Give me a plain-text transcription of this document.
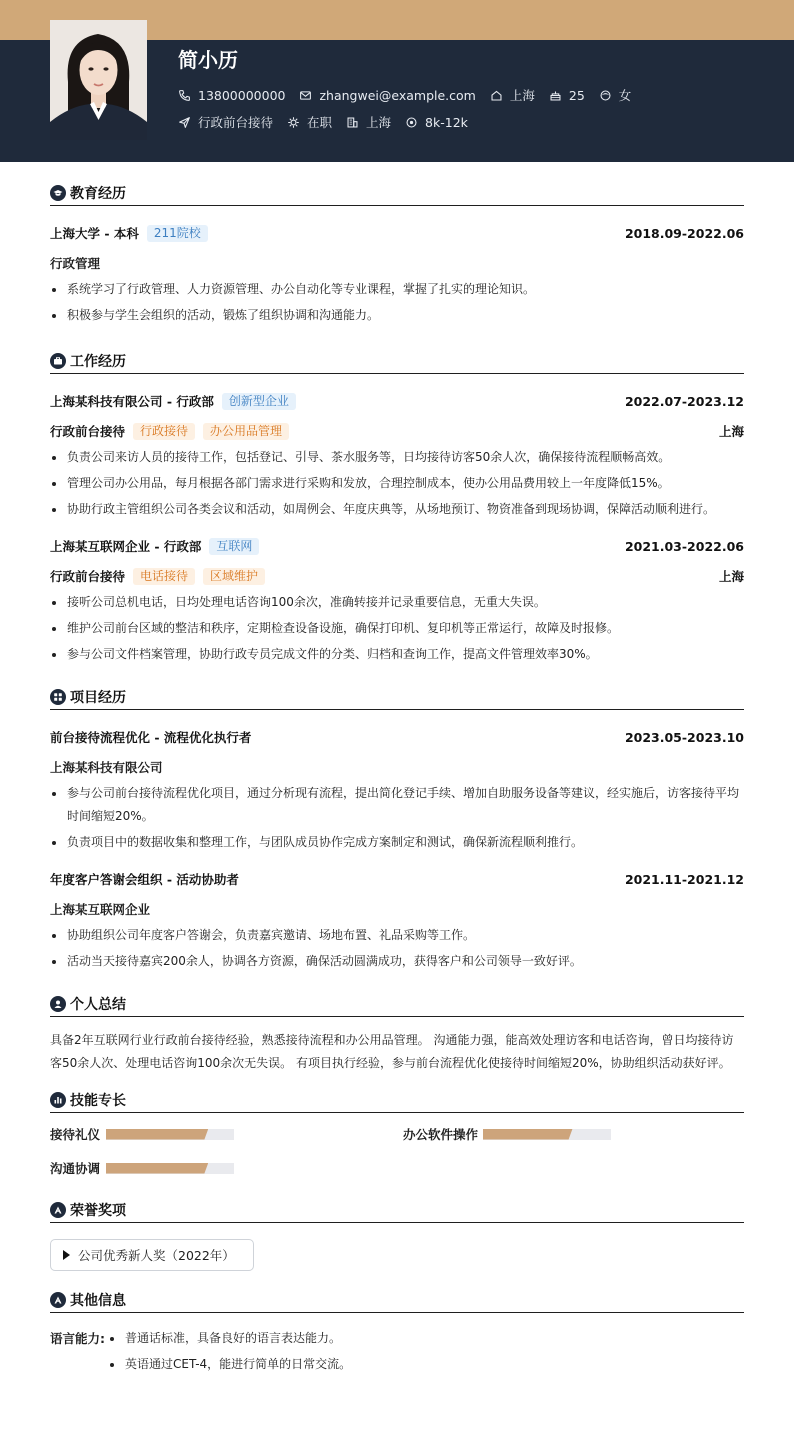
简小历
13800000000	zhangwei@example.com	上海	25	女
行政前台接待	在职	上海	8k-12k
教育经历
上海大学 - 本科	211院校	2018.09-2022.06
行政管理
系统学习了行政管理、人力资源管理、办公自动化等专业课程，掌握了扎实的理论知识。
积极参与学生会组织的活动，锻炼了组织协调和沟通能力。
工作经历
上海某科技有限公司 - 行政部	创新型企业	2022.07-2023.12
行政前台接待	行政接待	办公用品管理	上海
负责公司来访人员的接待工作，包括登记、引导、茶水服务等，日均接待访客50余人次，确保接待流程顺畅高效。
管理公司办公用品，每月根据各部门需求进行采购和发放，合理控制成本，使办公用品费用较上一年度降低15%。
协助行政主管组织公司各类会议和活动，如周例会、年度庆典等，从场地预订、物资准备到现场协调，保障活动顺利进行。
上海某互联网企业 - 行政部	互联网	2021.03-2022.06
行政前台接待	电话接待	区域维护	上海
接听公司总机电话，日均处理电话咨询100余次，准确转接并记录重要信息，无重大失误。
维护公司前台区域的整洁和秩序，定期检查设备设施，确保打印机、复印机等正常运行，故障及时报修。
参与公司文件档案管理，协助行政专员完成文件的分类、归档和查询工作，提高文件管理效率30%。
项目经历
前台接待流程优化 - 流程优化执行者	2023.05-2023.10
上海某科技有限公司
参与公司前台接待流程优化项目，通过分析现有流程，提出简化登记手续、增加自助服务设备等建议，经实施后，访客接待平均时间缩短20%。
负责项目中的数据收集和整理工作，与团队成员协作完成方案制定和测试，确保新流程顺利推行。
年度客户答谢会组织 - 活动协助者	2021.11-2021.12
上海某互联网企业
协助组织公司年度客户答谢会，负责嘉宾邀请、场地布置、礼品采购等工作。
活动当天接待嘉宾200余人，协调各方资源，确保活动圆满成功，获得客户和公司领导一致好评。
个人总结

具备2年互联网行业行政前台接待经验，熟悉接待流程和办公用品管理。 沟通能力强，能高效处理访客和电话咨询，曾日均接待访客50余人次、处理电话咨询100余次无失误。 有项目执行经验，参与前台流程优化使接待时间缩短20%，协助组织活动获好评。

技能专长
接待礼仪	办公软件操作
沟通协调
荣誉奖项
公司优秀新人奖（2022年）
其他信息
语言能力:	普通话标准，具备良好的语言表达能力。
英语通过CET-4，能进行简单的日常交流。
